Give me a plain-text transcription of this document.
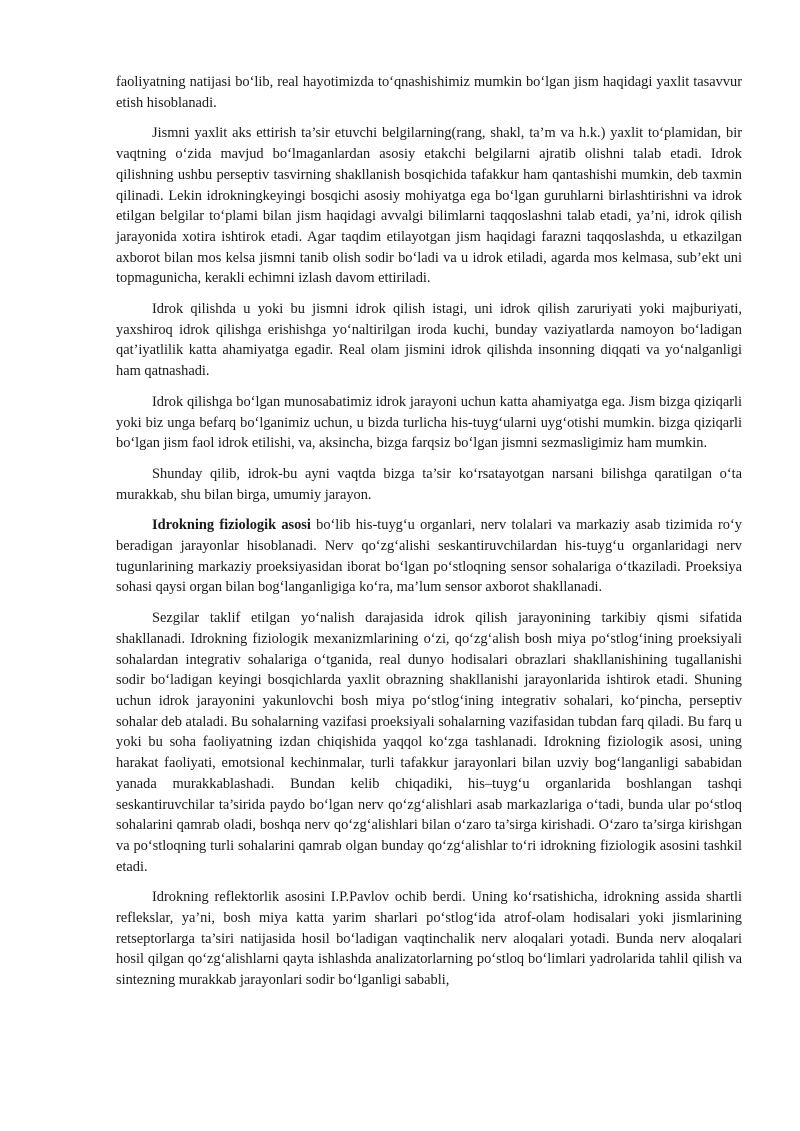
faoliyatning natijasi bo‘lib, real hayotimizda to‘qnashishimiz mumkin bo‘lgan jism haqidagi yaxlit tasavvur etish hisoblanadi.

Jismni yaxlit aks ettirish ta’sir etuvchi belgilarning(rang, shakl, ta’m va h.k.) yaxlit to‘plamidan, bir vaqtning o‘zida mavjud bo‘lmaganlardan asosiy etakchi belgilarni ajratib olishni talab etadi. Idrok qilishning ushbu perseptiv tasvirning shakllanish bosqichida tafakkur ham qantashishi mumkin, deb taxmin qilinadi. Lekin idrokningkeyingi bosqichi asosiy mohiyatga ega bo‘lgan guruhlarni birlashtirishni va idrok etilgan belgilar to‘plami bilan jism haqidagi avvalgi bilimlarni taqqoslashni talab etadi, ya’ni, idrok qilish jarayonida xotira ishtirok etadi. Agar taqdim etilayotgan jism haqidagi farazni taqqoslashda, u etkazilgan axborot bilan mos kelsa jismni tanib olish sodir bo‘ladi va u idrok etiladi, agarda mos kelmasa, sub’ekt uni topmagunicha, kerakli echimni izlash davom ettiriladi.

Idrok qilishda u yoki bu jismni idrok qilish istagi, uni idrok qilish zaruriyati yoki majburiyati, yaxshiroq idrok qilishga erishishga yo‘naltirilgan iroda kuchi, bunday vaziyatlarda namoyon bo‘ladigan qat’iyatlilik katta ahamiyatga egadir. Real olam jismini idrok qilishda insonning diqqati va yo‘nalganligi ham qatnashadi.

Idrok qilishga bo‘lgan munosabatimiz idrok jarayoni uchun katta ahamiyatga ega. Jism bizga qiziqarli yoki biz unga befarq bo‘lganimiz uchun, u bizda turlicha his-tuyg‘ularni uyg‘otishi mumkin. bizga qiziqarli bo‘lgan jism faol idrok etilishi, va, aksincha, bizga farqsiz bo‘lgan jismni sezmasligimiz ham mumkin.

Shunday qilib, idrok-bu ayni vaqtda bizga ta’sir ko‘rsatayotgan narsani bilishga qaratilgan o‘ta murakkab, shu bilan birga, umumiy jarayon.

Idrokning fiziologik asosi bo‘lib his-tuyg‘u organlari, nerv tolalari va markaziy asab tizimida ro‘y beradigan jarayonlar hisoblanadi. Nerv qo‘zg‘alishi seskantiruvchilardan his-tuyg‘u organlaridagi nerv tugunlarining markaziy proeksiyasidan iborat bo‘lgan po‘stloqning sensor sohalariga o‘tkaziladi. Proeksiya sohasi qaysi organ bilan bog‘langanligiga ko‘ra, ma’lum sensor axborot shakllanadi.

Sezgilar taklif etilgan yo‘nalish darajasida idrok qilish jarayonining tarkibiy qismi sifatida shakllanadi. Idrokning fiziologik mexanizmlarining o‘zi, qo‘zg‘alish bosh miya po‘stlog‘ining proeksiyali sohalardan integrativ sohalariga o‘tganida, real dunyo hodisalari obrazlari shakllanishining tugallanishi sodir bo‘ladigan keyingi bosqichlarda yaxlit obrazning shakllanishi jarayonlarida ishtirok etadi. Shuning uchun idrok jarayonini yakunlovchi bosh miya po‘stlog‘ining integrativ sohalari, ko‘pincha, perseptiv sohalar deb ataladi. Bu sohalarning vazifasi proeksiyali sohalarning vazifasidan tubdan farq qiladi. Bu farq u yoki bu soha faoliyatning izdan chiqishida yaqqol ko‘zga tashlanadi. Idrokning fiziologik asosi, uning harakat faoliyati, emotsional kechinmalar, turli tafakkur jarayonlari bilan uzviy bog‘langanligi sababidan yanada murakkablashadi. Bundan kelib chiqadiki, his–tuyg‘u organlarida boshlangan tashqi seskantiruvchilar ta’sirida paydo bo‘lgan nerv qo‘zg‘alishlari asab markazlariga o‘tadi, bunda ular po‘stloq sohalarini qamrab oladi, boshqa nerv qo‘zg‘alishlari bilan o‘zaro ta’sirga kirishadi. O‘zaro ta’sirga kirishgan va po‘stloqning turli sohalarini qamrab olgan bunday qo‘zg‘alishlar to‘ri idrokning fiziologik asosini tashkil etadi.

Idrokning reflektorlik asosini I.P.Pavlov ochib berdi. Uning ko‘rsatishicha, idrokning assida shartli reflekslar, ya’ni, bosh miya katta yarim sharlari po‘stlog‘ida atrof-olam hodisalari yoki jismlarining retseptorlarga ta’siri natijasida hosil bo‘ladigan vaqtinchalik nerv aloqalari yotadi. Bunda nerv aloqalari hosil qilgan qo‘zg‘alishlarni qayta ishlashda analizatorlarning po‘stloq bo‘limlari yadrolarida tahlil qilish va sintezning murakkab jarayonlari sodir bo‘lganligi sababli,
